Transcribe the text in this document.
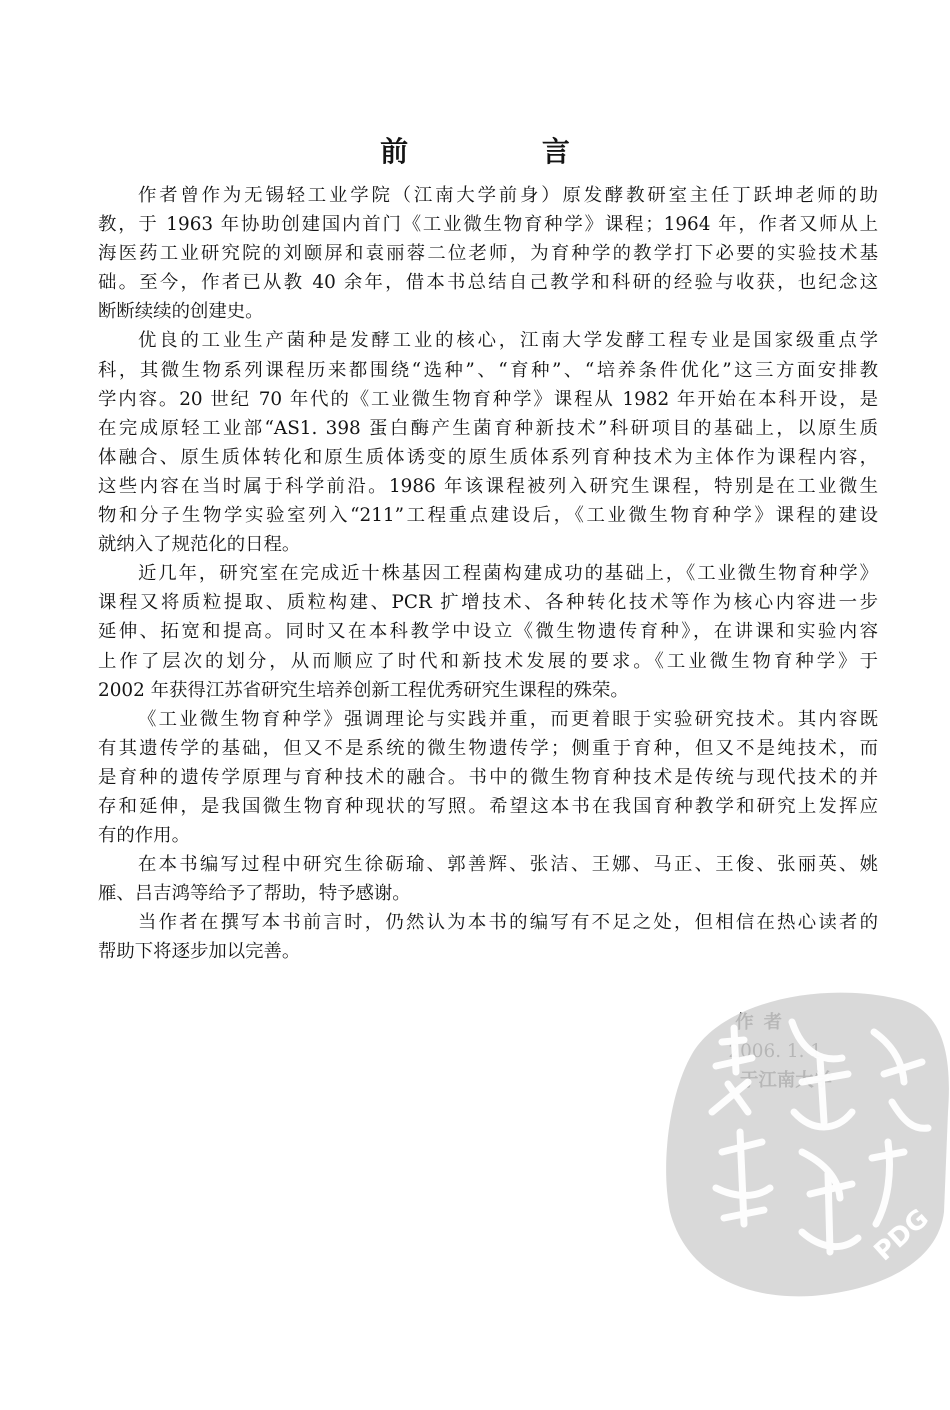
前 言
作者曾作为无锡轻工业学院（江南大学前身）原发酵教研室主任丁跃坤老师的助
教，于 1963 年协助创建国内首门《工业微生物育种学》课程；1964 年，作者又师从上
海医药工业研究院的刘颐屏和袁丽蓉二位老师，为育种学的教学打下必要的实验技术基
础。至今，作者已从教 40 余年，借本书总结自己教学和科研的经验与收获，也纪念这
断断续续的创建史。
优良的工业生产菌种是发酵工业的核心，江南大学发酵工程专业是国家级重点学
科，其微生物系列课程历来都围绕“选种”、“育种”、“培养条件优化”这三方面安排教
学内容。20 世纪 70 年代的《工业微生物育种学》课程从 1982 年开始在本科开设，是
在完成原轻工业部“AS1. 398 蛋白酶产生菌育种新技术”科研项目的基础上，以原生质
体融合、原生质体转化和原生质体诱变的原生质体系列育种技术为主体作为课程内容，
这些内容在当时属于科学前沿。1986 年该课程被列入研究生课程，特别是在工业微生
物和分子生物学实验室列入“211”工程重点建设后，《工业微生物育种学》课程的建设
就纳入了规范化的日程。
近几年，研究室在完成近十株基因工程菌构建成功的基础上，《工业微生物育种学》
课程又将质粒提取、质粒构建、PCR 扩增技术、各种转化技术等作为核心内容进一步
延伸、拓宽和提高。同时又在本科教学中设立《微生物遗传育种》，在讲课和实验内容
上作了层次的划分，从而顺应了时代和新技术发展的要求。《工业微生物育种学》于
2002 年获得江苏省研究生培养创新工程优秀研究生课程的殊荣。
《工业微生物育种学》强调理论与实践并重，而更着眼于实验研究技术。其内容既
有其遗传学的基础，但又不是系统的微生物遗传学；侧重于育种，但又不是纯技术，而
是育种的遗传学原理与育种技术的融合。书中的微生物育种技术是传统与现代技术的并
存和延伸，是我国微生物育种现状的写照。希望这本书在我国育种教学和研究上发挥应
有的作用。
在本书编写过程中研究生徐砺瑜、郭善辉、张洁、王娜、马正、王俊、张丽英、姚
雁、吕吉鸿等给予了帮助，特予感谢。
当作者在撰写本书前言时，仍然认为本书的编写有不足之处，但相信在热心读者的
帮助下将逐步加以完善。
PDG
